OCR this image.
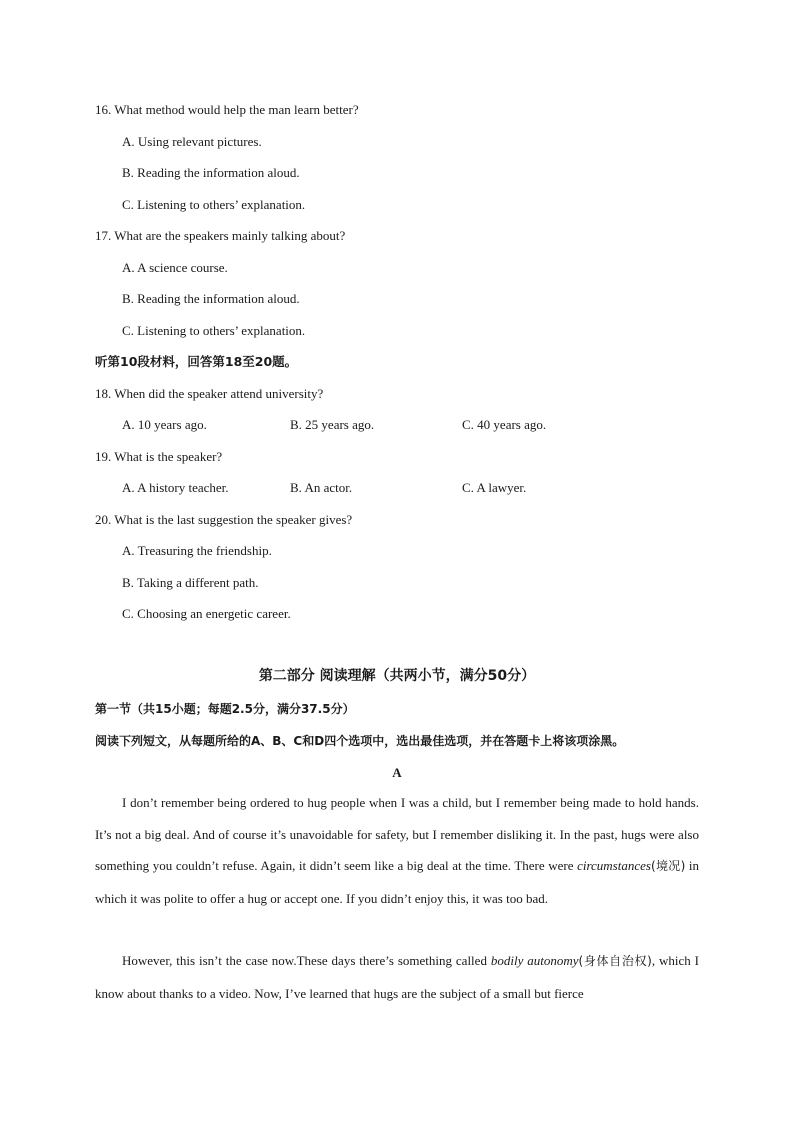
16. What method would help the man learn better?
A. Using relevant pictures.
B. Reading the information aloud.
C. Listening to others’ explanation.
17. What are the speakers mainly talking about?
A. A science course.
B. Reading the information aloud.
C. Listening to others’ explanation.
听第10段材料，回答第18至20题。
18. When did the speaker attend university?
A. 10 years ago.	B. 25 years ago.	C. 40 years ago.
19. What is the speaker?
A. A history teacher.	B. An actor.	C. A lawyer.
20. What is the last suggestion the speaker gives?
A. Treasuring the friendship.
B. Taking a different path.
C. Choosing an energetic career.
第二部分 阅读理解（共两小节，满分50分）
第一节（共15小题；每题2.5分，满分37.5分）
阅读下列短文，从每题所给的A、B、C和D四个选项中，选出最佳选项，并在答题卡上将该项涂黑。
A
I don’t remember being ordered to hug people when I was a child, but I remember being made to hold hands. It’s not a big deal. And of course it’s unavoidable for safety, but I remember disliking it. In the past, hugs were also something you couldn’t refuse. Again, it didn’t seem like a big deal at the time. There were circumstances(境况) in which it was polite to offer a hug or accept one. If you didn’t enjoy this, it was too bad.
However, this isn’t the case now.These days there’s something called bodily autonomy(身体自治权), which I know about thanks to a video. Now, I’ve learned that hugs are the subject of a small but fierce
